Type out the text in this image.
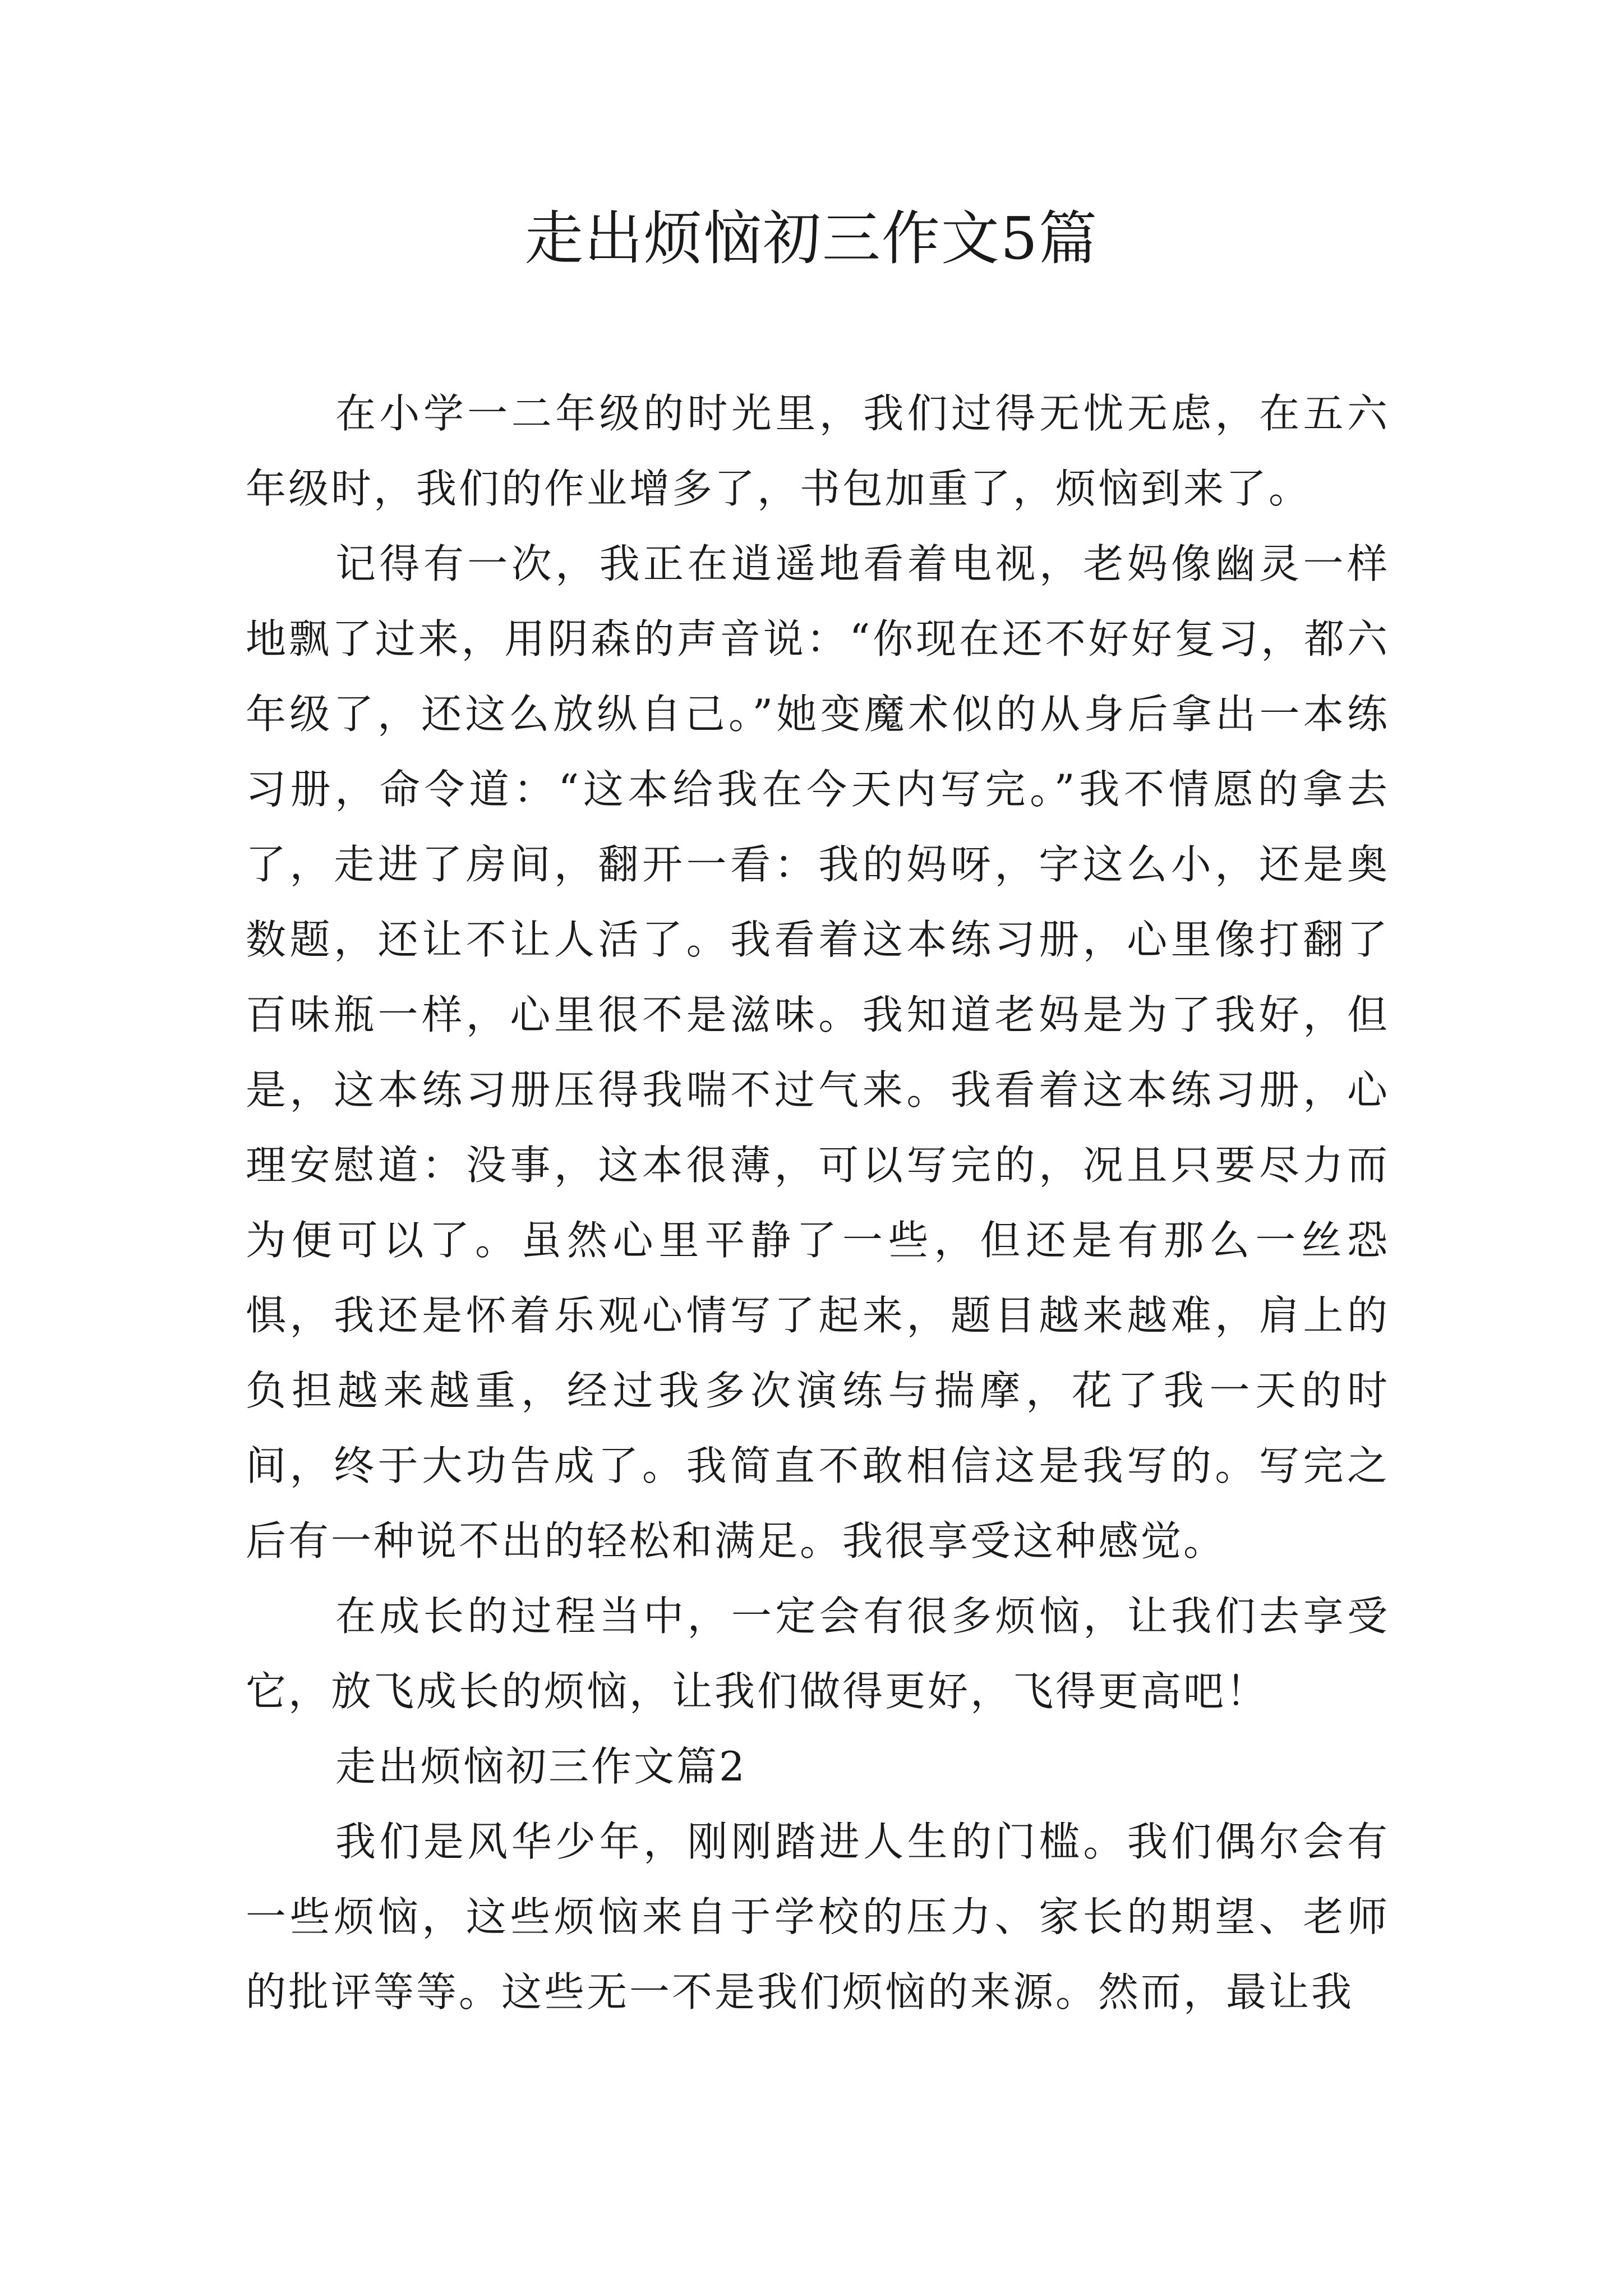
走出烦恼初三作文5篇

在小学一二年级的时光里，我们过得无忧无虑，在五六年级时，我们的作业增多了，书包加重了，烦恼到来了。

记得有一次，我正在逍遥地看着电视，老妈像幽灵一样地飘了过来，用阴森的声音说：“你现在还不好好复习，都六年级了，还这么放纵自己。”她变魔术似的从身后拿出一本练习册，命令道：“这本给我在今天内写完。”我不情愿的拿去了，走进了房间，翻开一看：我的妈呀，字这么小，还是奥数题，还让不让人活了。我看着这本练习册，心里像打翻了百味瓶一样，心里很不是滋味。我知道老妈是为了我好，但是，这本练习册压得我喘不过气来。我看着这本练习册，心理安慰道：没事，这本很薄，可以写完的，况且只要尽力而为便可以了。虽然心里平静了一些，但还是有那么一丝恐惧，我还是怀着乐观心情写了起来，题目越来越难，肩上的负担越来越重，经过我多次演练与揣摩，花了我一天的时间，终于大功告成了。我简直不敢相信这是我写的。写完之后有一种说不出的轻松和满足。我很享受这种感觉。

在成长的过程当中，一定会有很多烦恼，让我们去享受它，放飞成长的烦恼，让我们做得更好，飞得更高吧！

走出烦恼初三作文篇2

我们是风华少年，刚刚踏进人生的门槛。我们偶尔会有一些烦恼，这些烦恼来自于学校的压力、家长的期望、老师的批评等等。这些无一不是我们烦恼的来源。然而，最让我
